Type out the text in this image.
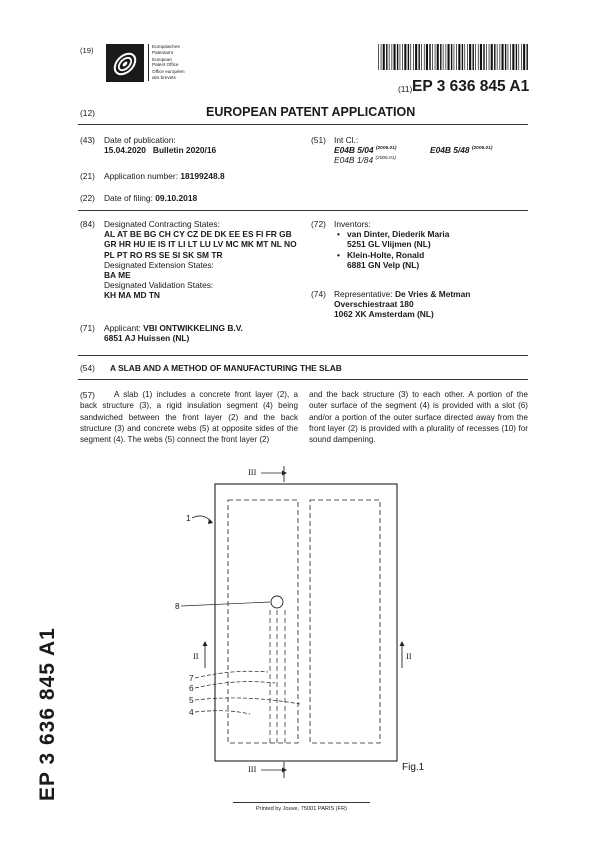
(19)	Europäisches
Patentamt
European
Patent Office
Office européen
des brevets
(11) EP 3 636 845 A1
(12)	EUROPEAN PATENT APPLICATION
(43) Date of publication:
15.04.2020   Bulletin 2020/16
(21) Application number: 18199248.8
(22) Date of filing: 09.10.2018
(84) Designated Contracting States:
AL AT BE BG CH CY CZ DE DK EE ES FI FR GB
GR HR HU IE IS IT LI LT LU LV MC MK MT NL NO
PL PT RO RS SE SI SK SM TR
Designated Extension States:
BA ME
Designated Validation States:
KH MA MD TN
(71) Applicant: VBI ONTWIKKELING B.V.
6851 AJ Huissen (NL)
(51) Int Cl.:
E04B 5/04 $^{(2006.01)}$	E04B 5/48 $^{(2006.01)}$
E04B 1/84 $^{(2006.01)}$
(72) Inventors:
• van Dinter, Diederik Maria
5251 GL Vlijmen (NL)
• Klein-Holte, Ronald
6881 GN Velp (NL)
(74) Representative: De Vries & Metman
Overschiestraat 180
1062 XK Amsterdam (NL)
(54) A SLAB AND A METHOD OF MANUFACTURING THE SLAB
(57)	A slab (1) includes a concrete front layer (2), a back structure (3), a rigid insulation segment (4) being sandwiched between the front layer (2) and the back structure (3) and concrete webs (5) at opposite sides of the segment (4). The webs (5) connect the front layer (2)
and the back structure (3) to each other. A portion of the outer surface of the segment (4) is provided with a slot (6) and/or a portion of the outer surface directed away from the front layer (2) is provided with a plurality of recesses (10) for sound dampening.
III
III
II	II
1
8
7
6
5
4
Fig.1
Printed by Jouve, 75001 PARIS (FR)
EP 3 636 845 A1
